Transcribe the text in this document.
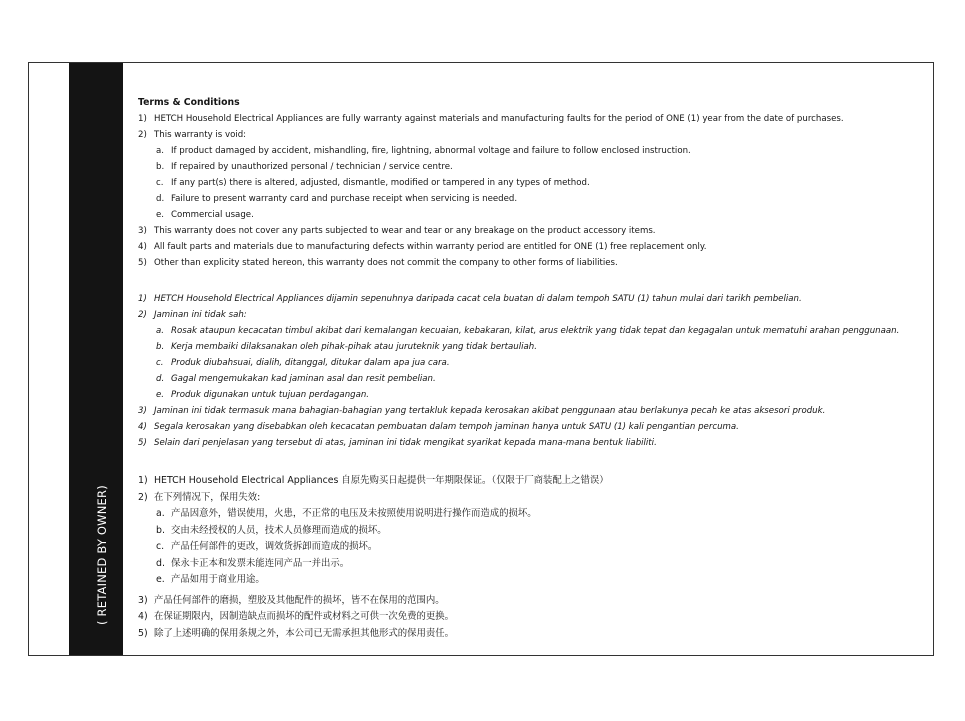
( RETAINED BY OWNER)
Terms & Conditions
1) HETCH Household Electrical Appliances are fully warranty against materials and manufacturing faults for the period of ONE (1) year from the date of purchases.
2) This warranty is void:
a. If product damaged by accident, mishandling, fire, lightning, abnormal voltage and failure to follow enclosed instruction.
b. If repaired by unauthorized personal / technician / service centre.
c. If any part(s) there is altered, adjusted, dismantle, modified or tampered in any types of method.
d. Failure to present warranty card and purchase receipt when servicing is needed.
e. Commercial usage.
3) This warranty does not cover any parts subjected to wear and tear or any breakage on the product accessory items.
4) All fault parts and materials due to manufacturing defects within warranty period are entitled for ONE (1) free replacement only.
5) Other than explicity stated hereon, this warranty does not commit the company to other forms of liabilities.
1) HETCH Household Electrical Appliances dijamin sepenuhnya daripada cacat cela buatan di dalam tempoh SATU (1) tahun mulai dari tarikh pembelian.
2) Jaminan ini tidak sah:
a. Rosak ataupun kecacatan timbul akibat dari kemalangan kecuaian, kebakaran, kilat, arus elektrik yang tidak tepat dan kegagalan untuk mematuhi arahan penggunaan.
b. Kerja membaiki dilaksanakan oleh pihak-pihak atau juruteknik yang tidak bertauliah.
c. Produk diubahsuai, dialih, ditanggal, ditukar dalam apa jua cara.
d. Gagal mengemukakan kad jaminan asal dan resit pembelian.
e. Produk digunakan untuk tujuan perdagangan.
3) Jaminan ini tidak termasuk mana bahagian-bahagian yang tertakluk kepada kerosakan akibat penggunaan atau berlakunya pecah ke atas aksesori produk.
4) Segala kerosakan yang disebabkan oleh kecacatan pembuatan dalam tempoh jaminan hanya untuk SATU (1) kali pengantian percuma.
5) Selain dari penjelasan yang tersebut di atas, jaminan ini tidak mengikat syarikat kepada mana-mana bentuk liabiliti.
1) HETCH Household Electrical Appliances 自原先购买日起提供一年期限保证。（仅限于厂商装配上之错误）
2) 在下列情况下，保用失效:
a. 产品因意外，错误使用，火患，不正常的电压及未按照使用说明进行操作而造成的损坏。
b. 交由未经授权的人员，技术人员修理而造成的损坏。
c. 产品任何部件的更改，调效货拆卸而造成的损坏。
d. 保永卡正本和发票未能连同产品一并出示。
e. 产品如用于商业用途。
3) 产品任何部件的磨损，塑胶及其他配件的损坏，皆不在保用的范围内。
4) 在保证期限内，因制造缺点而损坏的配件或材料之可供一次免费的更换。
5) 除了上述明确的保用条规之外，本公司已无需承担其他形式的保用责任。
